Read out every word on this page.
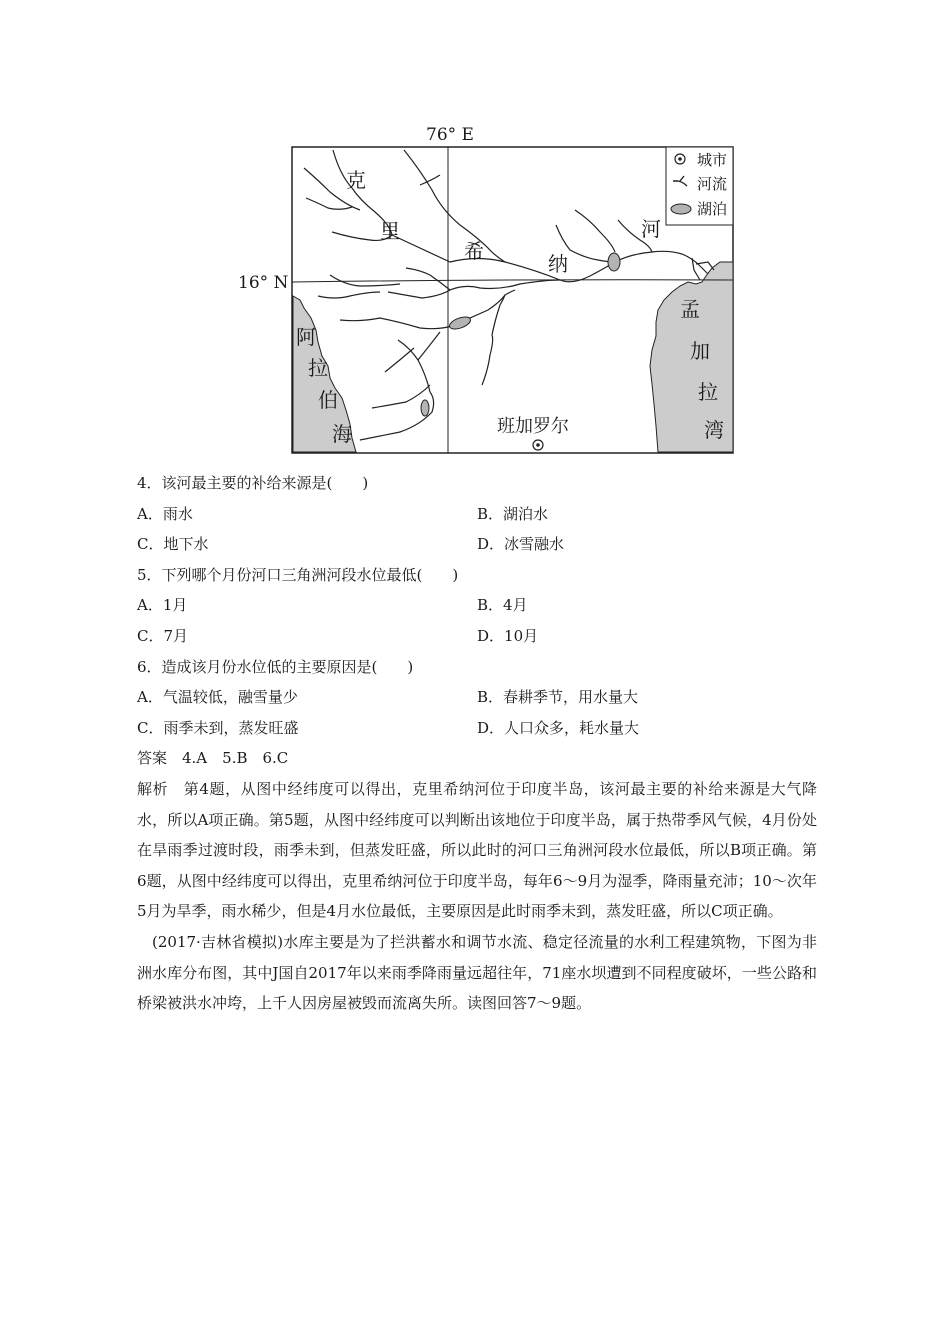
城市
河流
湖泊
76° E
16° N
克
里
希
纳
河
阿
拉
伯
海
孟
加
拉
湾
班加罗尔
4．该河最主要的补给来源是(　　)
A．雨水	B．湖泊水
C．地下水	D．冰雪融水
5．下列哪个月份河口三角洲河段水位最低(　　)
A．1月	B．4月
C．7月	D．10月
6．造成该月份水位低的主要原因是(　　)
A．气温较低，融雪量少	B．春耕季节，用水量大
C．雨季未到，蒸发旺盛	D．人口众多，耗水量大
答案　4.A　5.B　6.C
解析　第4题，从图中经纬度可以得出，克里希纳河位于印度半岛，该河最主要的补给来源是大气降水，所以A项正确。第5题，从图中经纬度可以判断出该地位于印度半岛，属于热带季风气候，4月份处在旱雨季过渡时段，雨季未到，但蒸发旺盛，所以此时的河口三角洲河段水位最低，所以B项正确。第6题，从图中经纬度可以得出，克里希纳河位于印度半岛，每年6～9月为湿季，降雨量充沛；10～次年5月为旱季，雨水稀少，但是4月水位最低，主要原因是此时雨季未到，蒸发旺盛，所以C项正确。
(2017·吉林省模拟)水库主要是为了拦洪蓄水和调节水流、稳定径流量的水利工程建筑物，下图为非洲水库分布图，其中J国自2017年以来雨季降雨量远超往年，71座水坝遭到不同程度破坏，一些公路和桥梁被洪水冲垮，上千人因房屋被毁而流离失所。读图回答7～9题。
